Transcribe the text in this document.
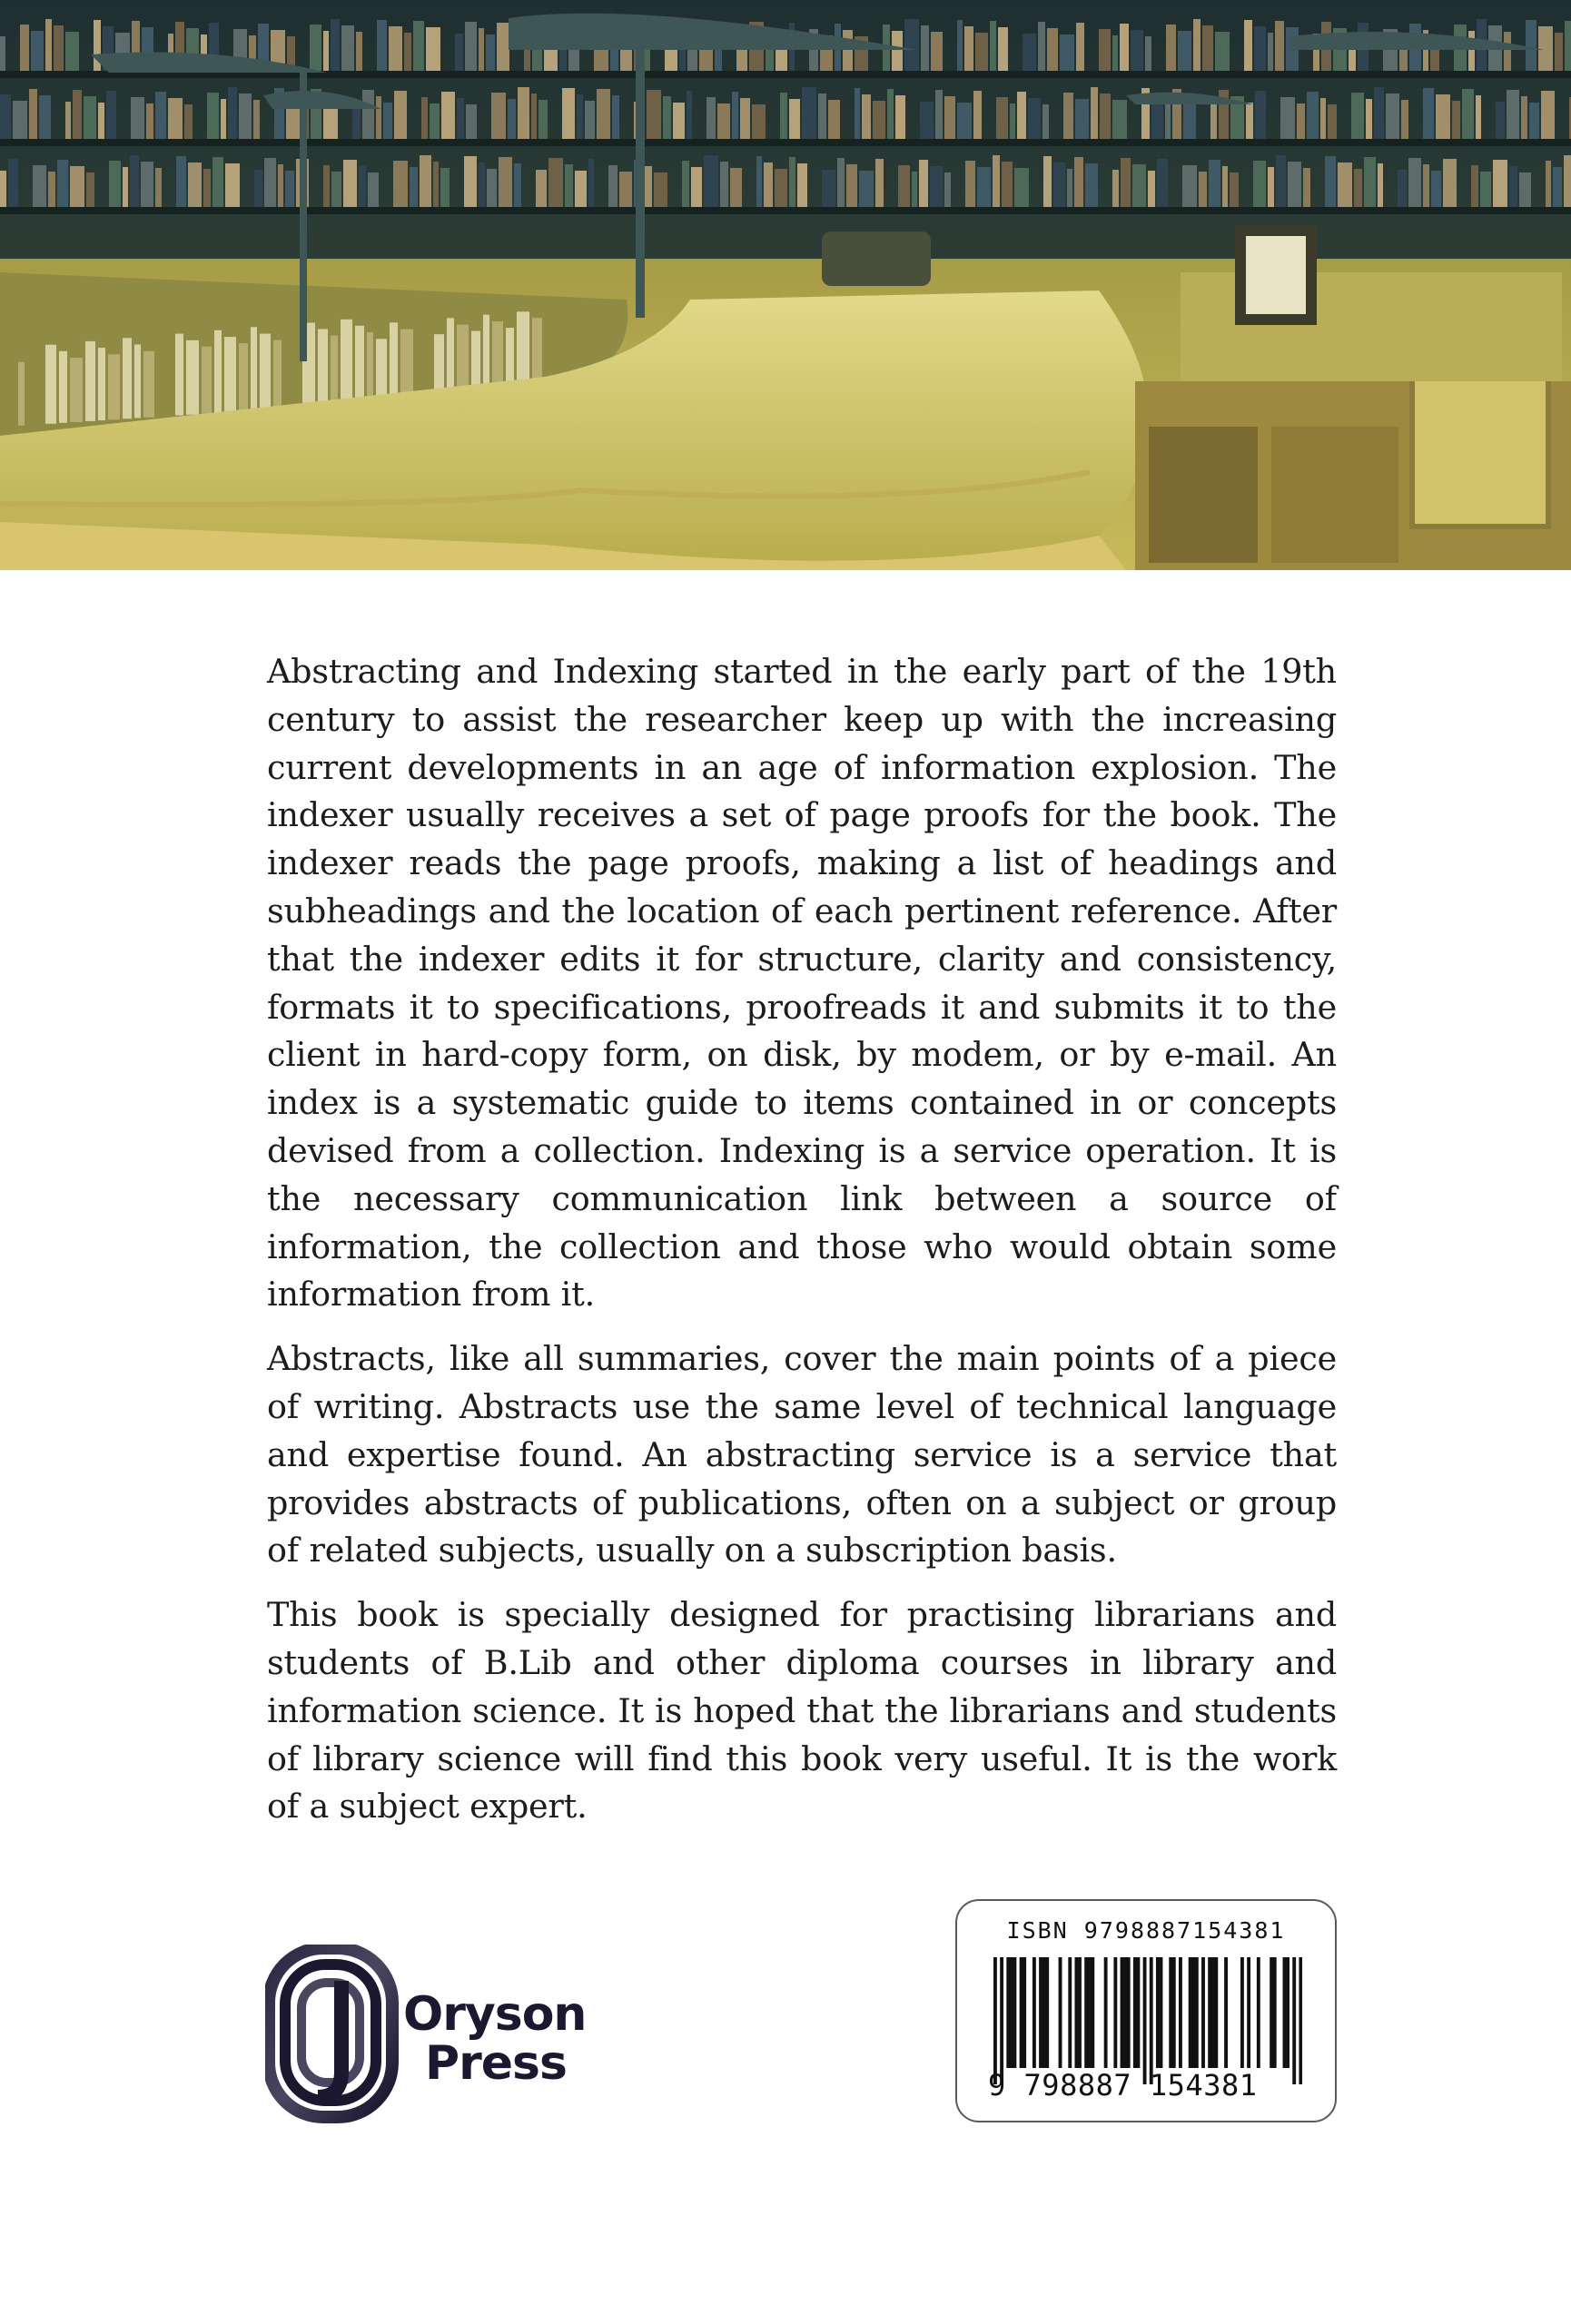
Abstracting and Indexing started in the early part of the 19th century to assist the researcher keep up with the increasing current developments in an age of information explosion. The indexer usually receives a set of page proofs for the book. The indexer reads the page proofs, making a list of headings and subheadings and the location of each pertinent reference. After that the indexer edits it for structure, clarity and consistency, formats it to specifications, proofreads it and submits it to the client in hard-copy form, on disk, by modem, or by e-mail. An index is a systematic guide to items contained in or concepts devised from a collection. Indexing is a service operation. It is the necessary communication link between a source of information, the collection and those who would obtain some information from it.

Abstracts, like all summaries, cover the main points of a piece of writing. Abstracts use the same level of technical language and expertise found. An abstracting service is a service that provides abstracts of publications, often on a subject or group of related subjects, usually on a subscription basis.

This book is specially designed for practising librarians and students of B.Lib and other diploma courses in library and information science. It is hoped that the librarians and students of library science will find this book very useful. It is the work of a subject expert.

Oryson
Press
ISBN 9798887154381
9 798887 154381
